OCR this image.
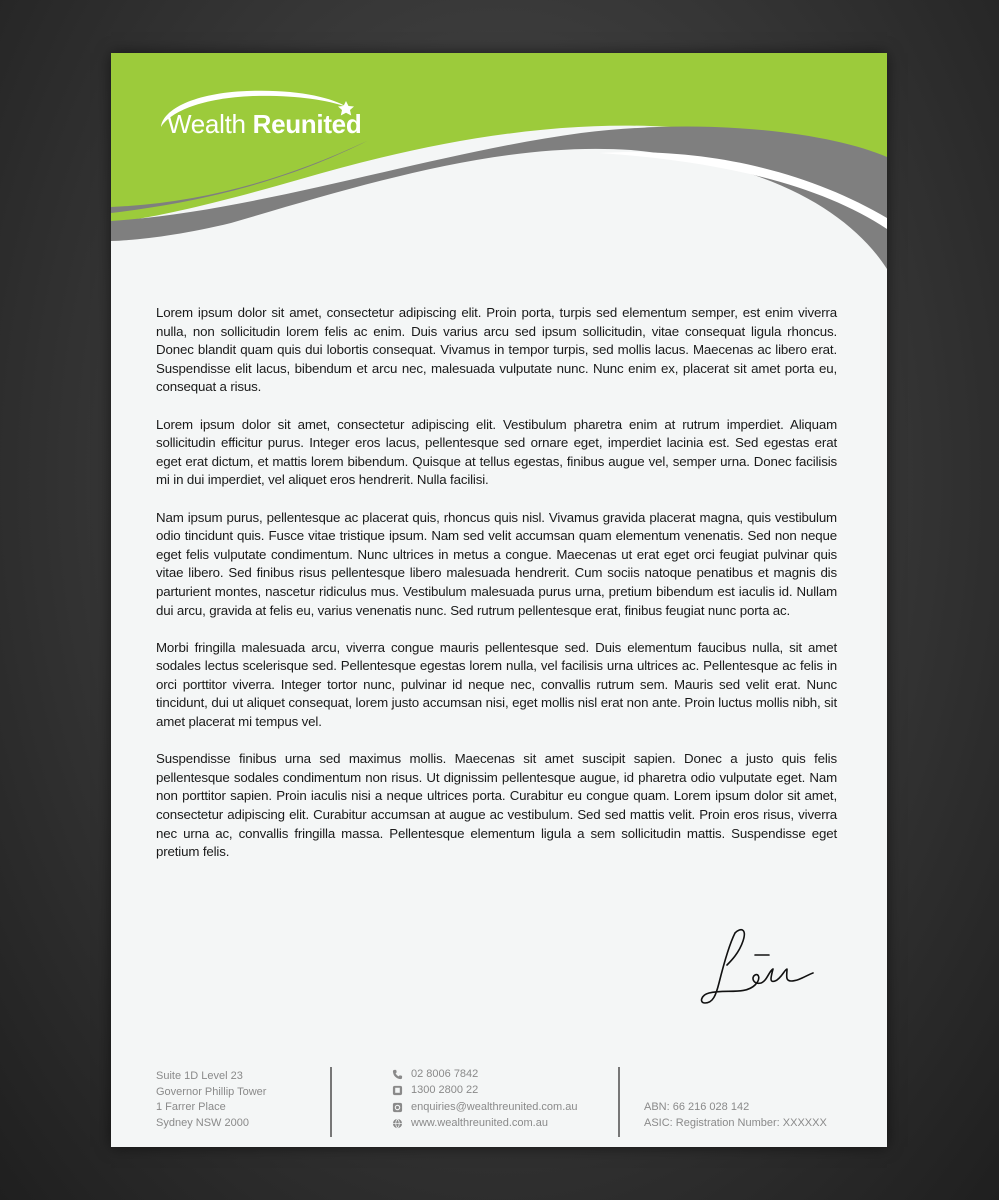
Wealth Reunited

Lorem ipsum dolor sit amet, consectetur adipiscing elit. Proin porta, turpis sed elementum semper, est enim viverra nulla, non sollicitudin lorem felis ac enim. Duis varius arcu sed ipsum sollicitudin, vitae consequat ligula rhoncus. Donec blandit quam quis dui lobortis consequat. Vivamus in tempor turpis, sed mollis lacus. Maecenas ac libero erat. Suspendisse elit lacus, bibendum et arcu nec, malesuada vulputate nunc. Nunc enim ex, placerat sit amet porta eu, consequat a risus.

Lorem ipsum dolor sit amet, consectetur adipiscing elit. Vestibulum pharetra enim at rutrum imperdiet. Aliquam sollicitudin efficitur purus. Integer eros lacus, pellentesque sed ornare eget, imperdiet lacinia est. Sed egestas erat eget erat dictum, et mattis lorem bibendum. Quisque at tellus egestas, finibus augue vel, semper urna. Donec facilisis mi in dui imperdiet, vel aliquet eros hendrerit. Nulla facilisi.

Nam ipsum purus, pellentesque ac placerat quis, rhoncus quis nisl. Vivamus gravida placerat magna, quis vestibulum odio tincidunt quis. Fusce vitae tristique ipsum. Nam sed velit accumsan quam elementum venenatis. Sed non neque eget felis vulputate condimentum. Nunc ultrices in metus a congue. Maecenas ut erat eget orci feugiat pulvinar quis vitae libero. Sed finibus risus pellentesque libero malesuada hendrerit. Cum sociis natoque penatibus et magnis dis parturient montes, nascetur ridiculus mus. Vestibulum malesuada purus urna, pretium bibendum est iaculis id. Nullam dui arcu, gravida at felis eu, varius venenatis nunc. Sed rutrum pellentesque erat, finibus feugiat nunc porta ac.

Morbi fringilla malesuada arcu, viverra congue mauris pellentesque sed. Duis elementum faucibus nulla, sit amet sodales lectus scelerisque sed. Pellentesque egestas lorem nulla, vel facilisis urna ultrices ac. Pellentesque ac felis in orci porttitor viverra. Integer tortor nunc, pulvinar id neque nec, convallis rutrum sem. Mauris sed velit erat. Nunc tincidunt, dui ut aliquet consequat, lorem justo accumsan nisi, eget mollis nisl erat non ante. Proin luctus mollis nibh, sit amet placerat mi tempus vel.

Suspendisse finibus urna sed maximus mollis. Maecenas sit amet suscipit sapien. Donec a justo quis felis pellentesque sodales condimentum non risus. Ut dignissim pellentesque augue, id pharetra odio vulputate eget. Nam non porttitor sapien. Proin iaculis nisi a neque ultrices porta. Curabitur eu congue quam. Lorem ipsum dolor sit amet, consectetur adipiscing elit. Curabitur accumsan at augue ac vestibulum. Sed sed mattis velit. Proin eros risus, viverra nec urna ac, convallis fringilla massa. Pellentesque elementum ligula a sem sollicitudin mattis. Suspendisse eget pretium felis.

Suite 1D Level 23
Governor Phillip Tower
1 Farrer Place
Sydney NSW 2000
02 8006 7842
1300 2800 22
enquiries@wealthreunited.com.au
www.wealthreunited.com.au
ABN: 66 216 028 142
ASIC: Registration Number: XXXXXX
